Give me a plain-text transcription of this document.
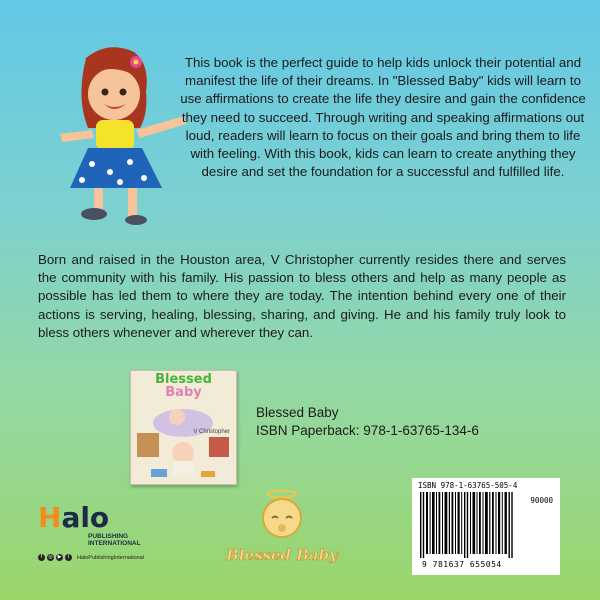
This book is the perfect guide to help kids unlock their potential and manifest the life of their dreams. In "Blessed Baby" kids will learn to use affirmations to create the life they desire and gain the confidence they need to succeed. Through writing and speaking affirmations out loud, readers will learn to focus on their goals and bring them to life with feeling. With this book, kids can learn to create anything they desire and set the foundation for a successful and fulfilled life.

Born and raised in the Houston area, V Christopher currently resides there and serves the community with his family. His passion to bless others and help as many people as possible has led them to where they are today. The intention behind every one of their actions is serving, healing, blessing, sharing, and giving. He and his family truly look to bless others whenever and wherever they can.

Blessed
Baby
V Christopher
Blessed Baby
ISBN Paperback: 978-1-63765-134-6
Halo
PUBLISHING
INTERNATIONAL
f	◎ ▶	t	HaloPublishingInternational	Blessed Baby
ISBN 978-1-63765-505-4
90000
9 781637 655054
